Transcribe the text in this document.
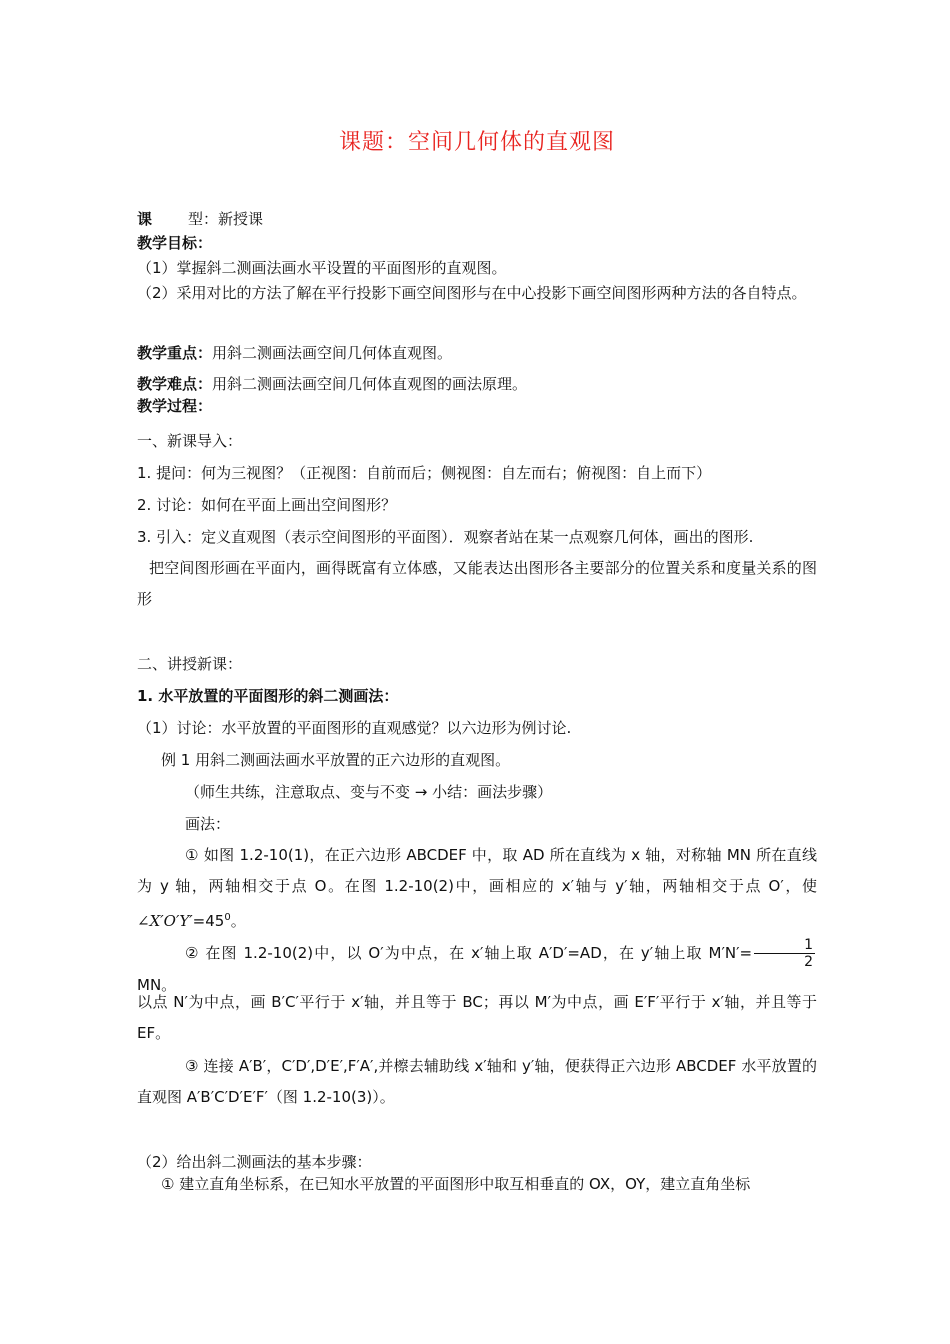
课题：空间几何体的直观图
课 型：新授课
教学目标：
（1）掌握斜二测画法画水平设置的平面图形的直观图。
（2）采用对比的方法了解在平行投影下画空间图形与在中心投影下画空间图形两种方法的各自特点。
教学重点：用斜二测画法画空间几何体直观图。
教学难点：用斜二测画法画空间几何体直观图的画法原理。
教学过程：
一、新课导入：
1. 提问：何为三视图？（正视图：自前而后；侧视图：自左而右；俯视图：自上而下）
2. 讨论：如何在平面上画出空间图形？
3. 引入：定义直观图（表示空间图形的平面图）．观察者站在某一点观察几何体，画出的图形.
把空间图形画在平面内，画得既富有立体感，又能表达出图形各主要部分的位置关系和度量关系的图形
二、讲授新课：
1. 水平放置的平面图形的斜二测画法：
（1）讨论：水平放置的平面图形的直观感觉？以六边形为例讨论.
例 1 用斜二测画法画水平放置的正六边形的直观图。
（师生共练，注意取点、变与不变 → 小结：画法步骤）
画法：
① 如图 1.2-10(1)，在正六边形 ABCDEF 中，取 AD 所在直线为 x 轴，对称轴 MN 所在直线为 y 轴，两轴相交于点 O。在图 1.2-10(2)中，画相应的 x′轴与 y′轴，两轴相交于点 O′，使$\angle X'O'Y'=45^0$。
② 在图 1.2-10(2)中，以 O′为中点，在 x′轴上取 A′D′=AD，在 y′轴上取 $M'N'= \frac{1}{2}$
MN。
以点 N′为中点，画 B′C′平行于 x′轴，并且等于 BC；再以 M′为中点，画 E′F′平行于 x′轴，并且等于 EF。
③ 连接 A′B′，C′D′,D′E′,F′A′,并檫去辅助线 x′轴和 y′轴，便获得正六边形 ABCDEF 水平放置的直观图 A′B′C′D′E′F′（图 1.2-10(3)）。
（2）给出斜二测画法的基本步骤：
① 建立直角坐标系，在已知水平放置的平面图形中取互相垂直的 OX，OY，建立直角坐标
